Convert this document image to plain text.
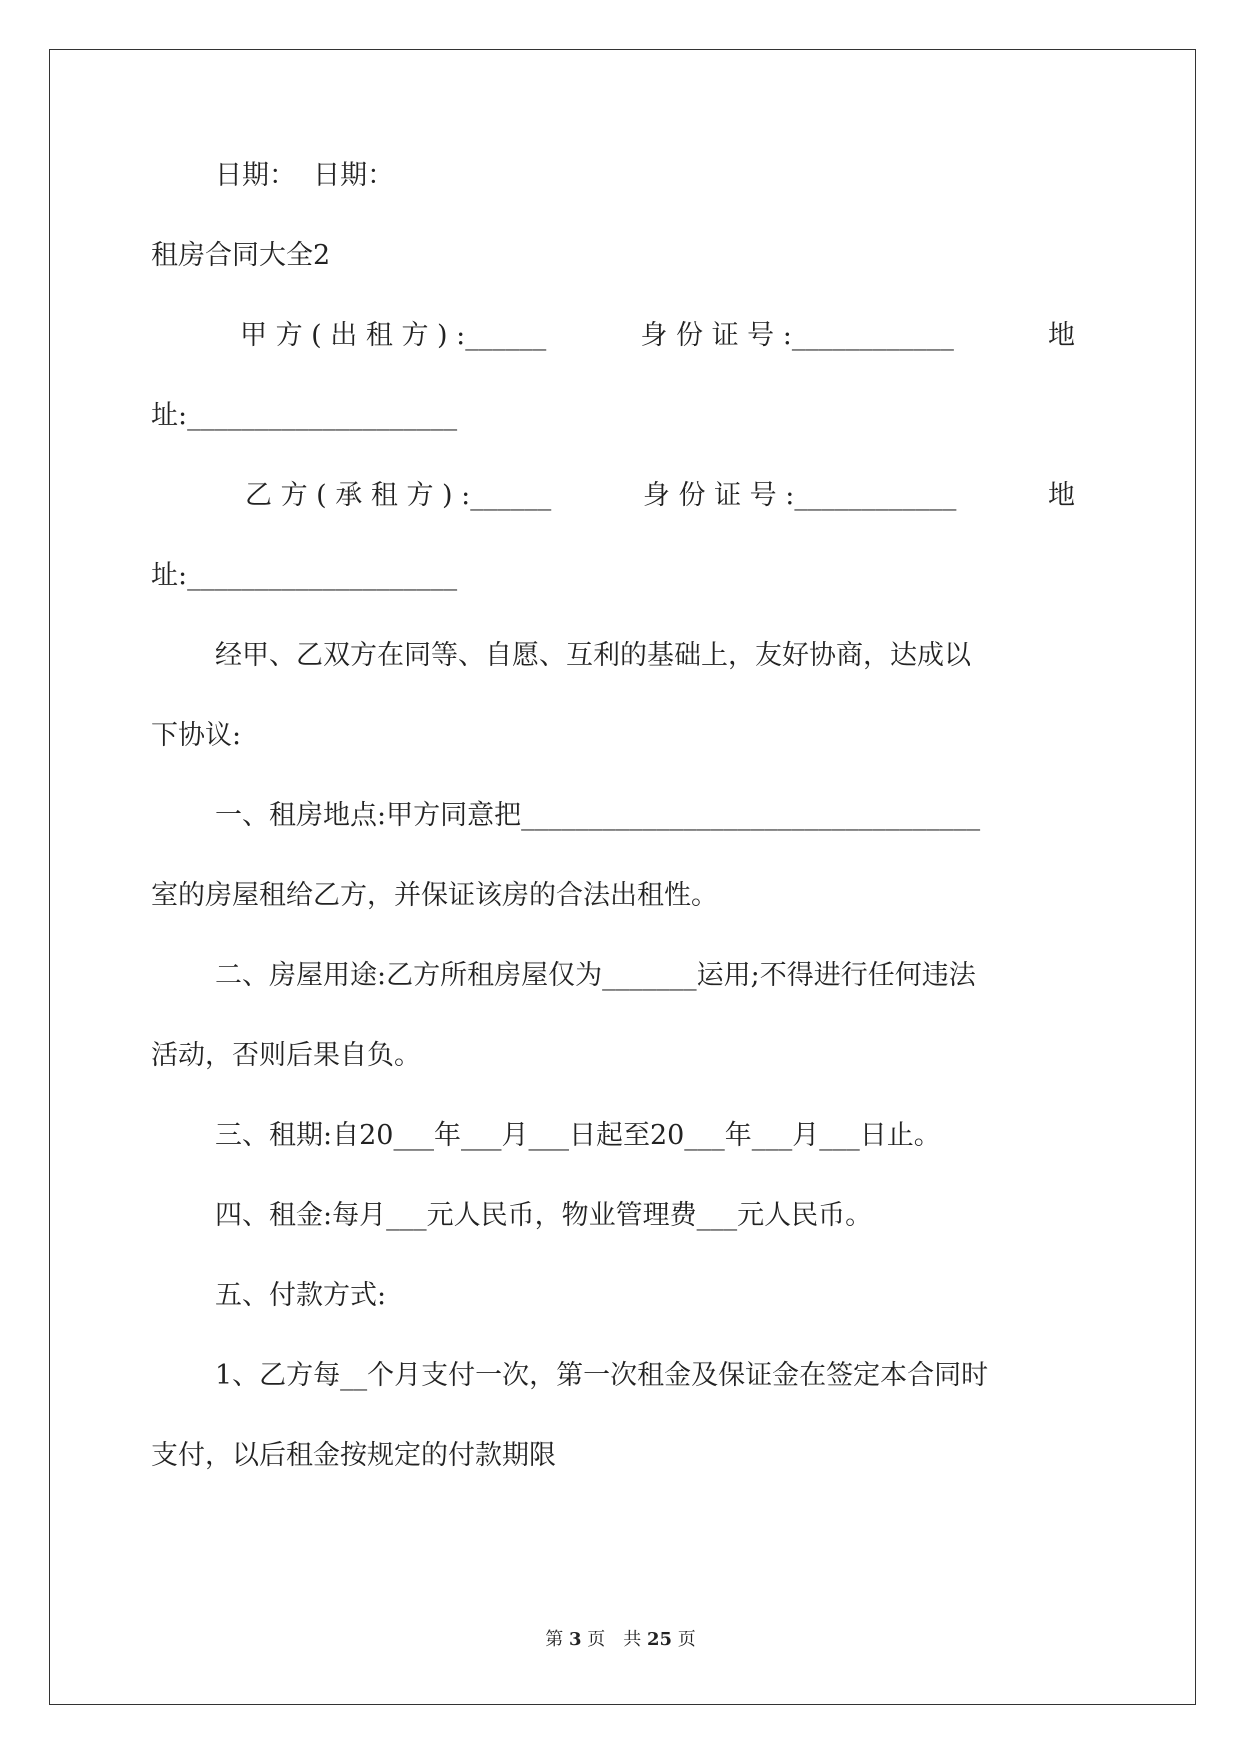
日期：  日期：
租房合同大全2
甲 方 ( 出 租 方 ) :______	身 份 证 号 :____________	地
址:____________________
乙 方 ( 承 租 方 ) :______	身 份 证 号 :____________	地
址:____________________
经甲、乙双方在同等、自愿、互利的基础上，友好协商，达成以
下协议:
一、租房地点:甲方同意把__________________________________
室的房屋租给乙方，并保证该房的合法出租性。
二、房屋用途:乙方所租房屋仅为_______运用;不得进行任何违法
活动，否则后果自负。
三、租期:自20___年___月___日起至20___年___月___日止。
四、租金:每月___元人民币，物业管理费___元人民币。
五、付款方式:
1、乙方每__个月支付一次，第一次租金及保证金在签定本合同时
支付，以后租金按规定的付款期限
第 3 页　共 25 页
